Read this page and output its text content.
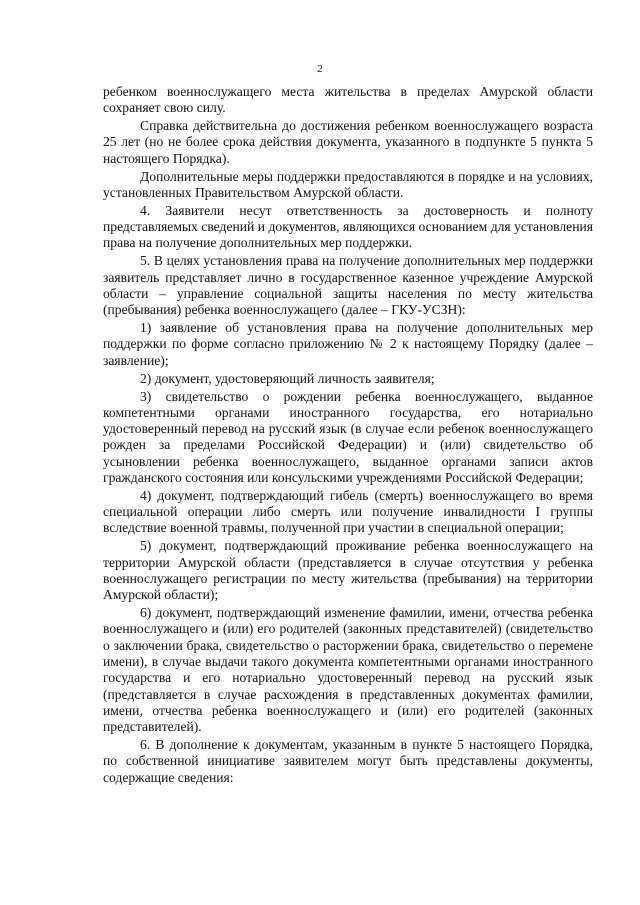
2

ребенком военнослужащего места жительства в пределах Амурской области сохраняет свою силу.

Справка действительна до достижения ребенком военнослужащего возраста 25 лет (но не более срока действия документа, указанного в подпункте 5 пункта 5 настоящего Порядка).

Дополнительные меры поддержки предоставляются в порядке и на условиях, установленных Правительством Амурской области.

4. Заявители несут ответственность за достоверность и полноту представляемых сведений и документов, являющихся основанием для установления права на получение дополнительных мер поддержки.

5. В целях установления права на получение дополнительных мер поддержки заявитель представляет лично в государственное казенное учреждение Амурской области – управление социальной защиты населения по месту жительства (пребывания) ребенка военнослужащего (далее – ГКУ-УСЗН):

1) заявление об установления права на получение дополнительных мер поддержки по форме согласно приложению № 2 к настоящему Порядку (далее – заявление);

2) документ, удостоверяющий личность заявителя;

3) свидетельство о рождении ребенка военнослужащего, выданное компетентными органами иностранного государства, его нотариально удостоверенный перевод на русский язык (в случае если ребенок военнослужащего рожден за пределами Российской Федерации) и (или) свидетельство об усыновлении ребенка военнослужащего, выданное органами записи актов гражданского состояния или консульскими учреждениями Российской Федерации;

4) документ, подтверждающий гибель (смерть) военнослужащего во время специальной операции либо смерть или получение инвалидности I группы вследствие военной травмы, полученной при участии в специальной операции;

5) документ, подтверждающий проживание ребенка военнослужащего на территории Амурской области (представляется в случае отсутствия у ребенка военнослужащего регистрации по месту жительства (пребывания) на территории Амурской области);

6) документ, подтверждающий изменение фамилии, имени, отчества ребенка военнослужащего и (или) его родителей (законных представителей) (свидетельство о заключении брака, свидетельство о расторжении брака, свидетельство о перемене имени), в случае выдачи такого документа компетентными органами иностранного государства и его нотариально удостоверенный перевод на русский язык (представляется в случае расхождения в представленных документах фамилии, имени, отчества ребенка военнослужащего и (или) его родителей (законных представителей).

6. В дополнение к документам, указанным в пункте 5 настоящего Порядка, по собственной инициативе заявителем могут быть представлены документы, содержащие сведения:
